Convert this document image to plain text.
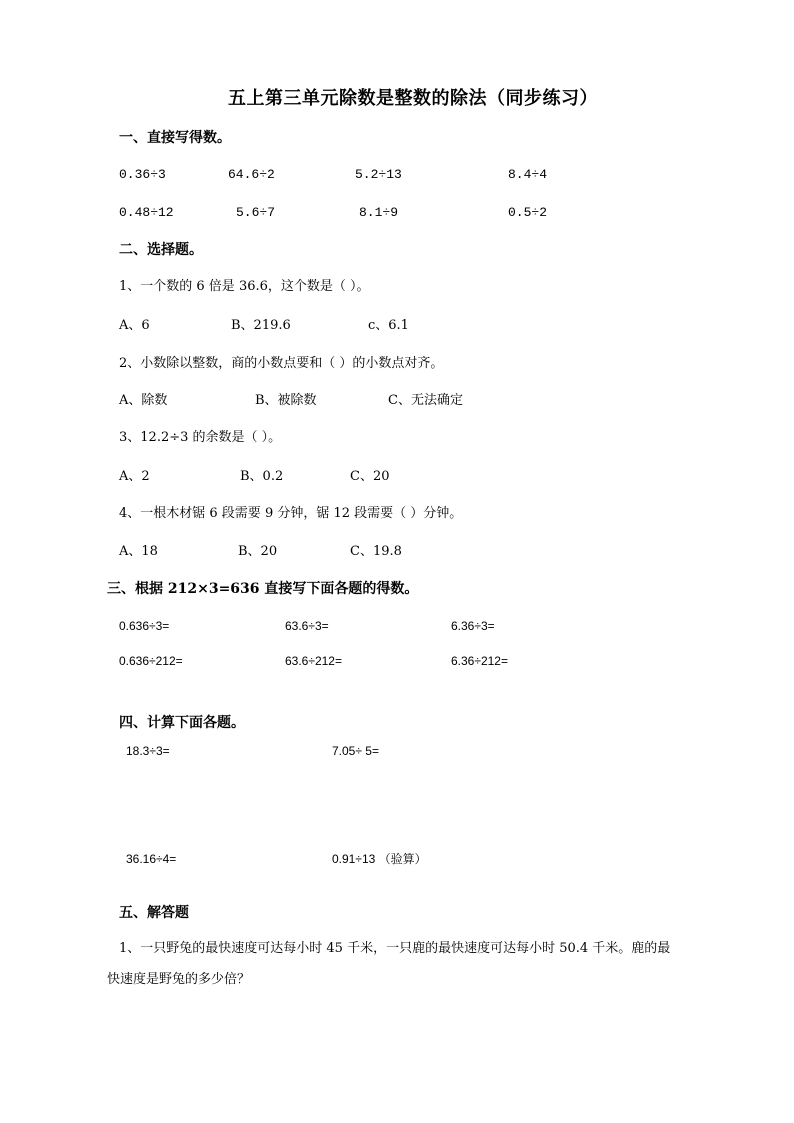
五上第三单元除数是整数的除法（同步练习）
一、直接写得数。
0.36÷3	64.6÷2	5.2÷13	8.4÷4
0.48÷12	5.6÷7	8.1÷9	0.5÷2
二、选择题。
1、一个数的 6 倍是 36.6，这个数是（ ）。
A、6	B、219.6	c、6.1
2、小数除以整数，商的小数点要和（ ）的小数点对齐。
A、除数	B、被除数	C、无法确定
3、12.2÷3 的余数是（ ）。
A、2	B、0.2	C、20
4、一根木材锯 6 段需要 9 分钟，锯 12 段需要（ ）分钟。
A、18	B、20	C、19.8
三、根据 212×3=636 直接写下面各题的得数。
0.636÷3=	63.6÷3=	6.36÷3=
0.636÷212=	63.6÷212=	6.36÷212=
四、计算下面各题。
18.3÷3=	7.05÷ 5=
36.16÷4=	0.91÷13 （验算）
五、解答题
1、一只野兔的最快速度可达每小时 45 千米，一只鹿的最快速度可达每小时 50.4 千米。鹿的最
快速度是野兔的多少倍？
